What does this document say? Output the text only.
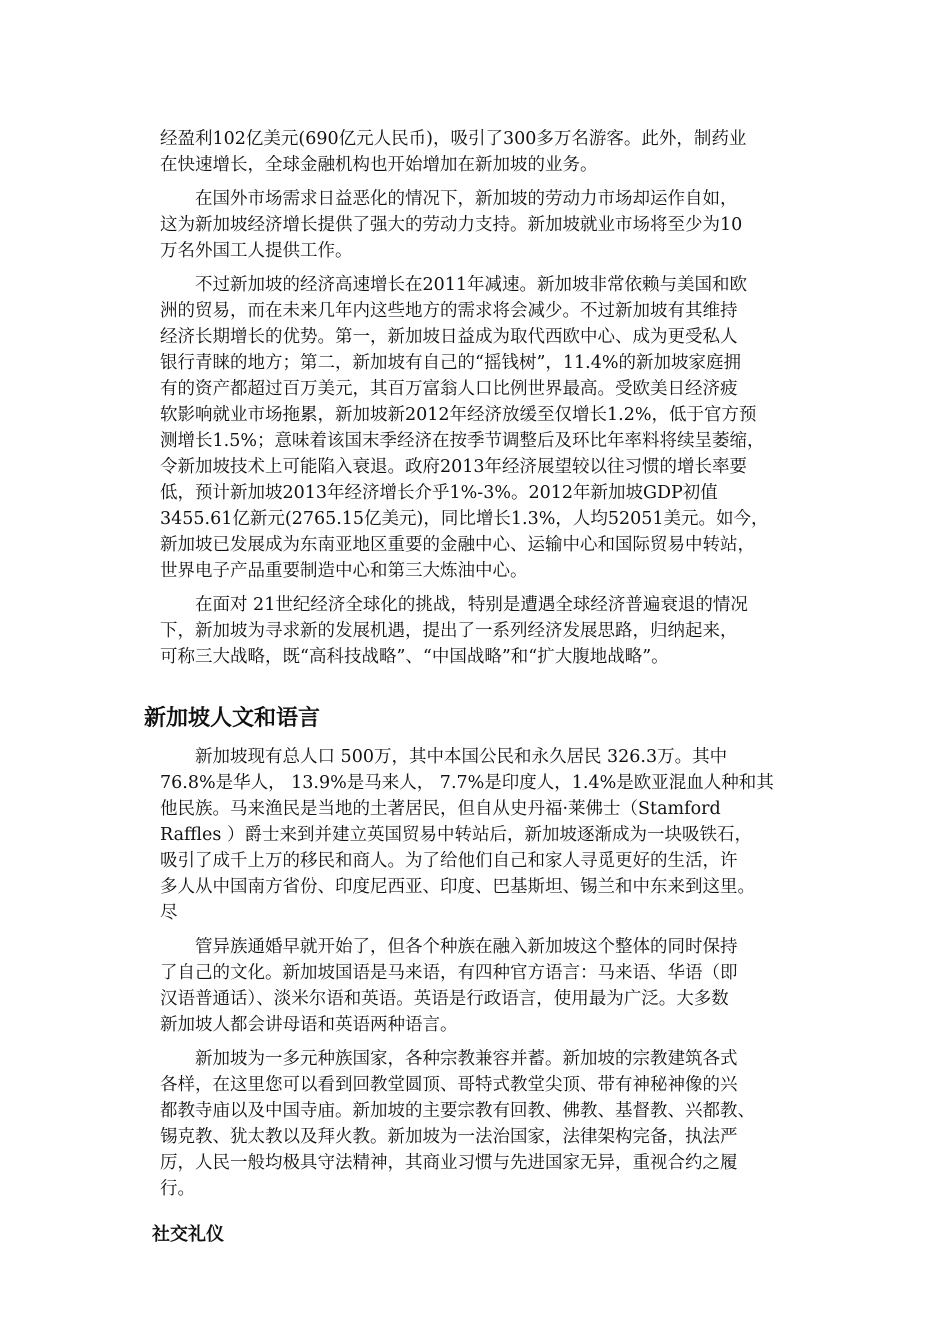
经盈利102亿美元(690亿元人民币)，吸引了300多万名游客。此外，制药业
在快速增长，全球金融机构也开始增加在新加坡的业务。
　　在国外市场需求日益恶化的情况下，新加坡的劳动力市场却运作自如，
这为新加坡经济增长提供了强大的劳动力支持。新加坡就业市场将至少为10
万名外国工人提供工作。
　　不过新加坡的经济高速增长在2011年减速。新加坡非常依赖与美国和欧
洲的贸易，而在未来几年内这些地方的需求将会减少。不过新加坡有其维持
经济长期增长的优势。第一，新加坡日益成为取代西欧中心、成为更受私人
银行青睐的地方；第二，新加坡有自己的“摇钱树”，11.4%的新加坡家庭拥
有的资产都超过百万美元，其百万富翁人口比例世界最高。受欧美日经济疲
软影响就业市场拖累，新加坡新2012年经济放缓至仅增长1.2%，低于官方预
测增长1.5%；意味着该国末季经济在按季节调整后及环比年率料将续呈萎缩，
令新加坡技术上可能陷入衰退。政府2013年经济展望较以往习惯的增长率要
低，预计新加坡2013年经济增长介乎1%-3%。2012年新加坡GDP初值
3455.61亿新元(2765.15亿美元)，同比增长1.3%，人均52051美元。如今，
新加坡已发展成为东南亚地区重要的金融中心、运输中心和国际贸易中转站，
世界电子产品重要制造中心和第三大炼油中心。
　　在面对 21世纪经济全球化的挑战，特别是遭遇全球经济普遍衰退的情况
下，新加坡为寻求新的发展机遇，提出了一系列经济发展思路，归纳起来，
可称三大战略，既“高科技战略”、“中国战略”和“扩大腹地战略”。
新加坡人文和语言
　　新加坡现有总人口 500万，其中本国公民和永久居民 326.3万。其中
76.8%是华人， 13.9%是马来人， 7.7%是印度人，1.4%是欧亚混血人种和其
他民族。马来渔民是当地的土著居民，但自从史丹福·莱佛士（Stamford
Raffles ）爵士来到并建立英国贸易中转站后，新加坡逐渐成为一块吸铁石，
吸引了成千上万的移民和商人。为了给他们自己和家人寻觅更好的生活，许
多人从中国南方省份、印度尼西亚、印度、巴基斯坦、锡兰和中东来到这里。
尽
　　管异族通婚早就开始了，但各个种族在融入新加坡这个整体的同时保持
了自己的文化。新加坡国语是马来语，有四种官方语言：马来语、华语（即
汉语普通话）、淡米尔语和英语。英语是行政语言，使用最为广泛。大多数
新加坡人都会讲母语和英语两种语言。
　　新加坡为一多元种族国家，各种宗教兼容并蓄。新加坡的宗教建筑各式
各样，在这里您可以看到回教堂圆顶、哥特式教堂尖顶、带有神秘神像的兴
都教寺庙以及中国寺庙。新加坡的主要宗教有回教、佛教、基督教、兴都教、
锡克教、犹太教以及拜火教。新加坡为一法治国家，法律架构完备，执法严
厉，人民一般均极具守法精神，其商业习惯与先进国家无异，重视合约之履
行。
社交礼仪
